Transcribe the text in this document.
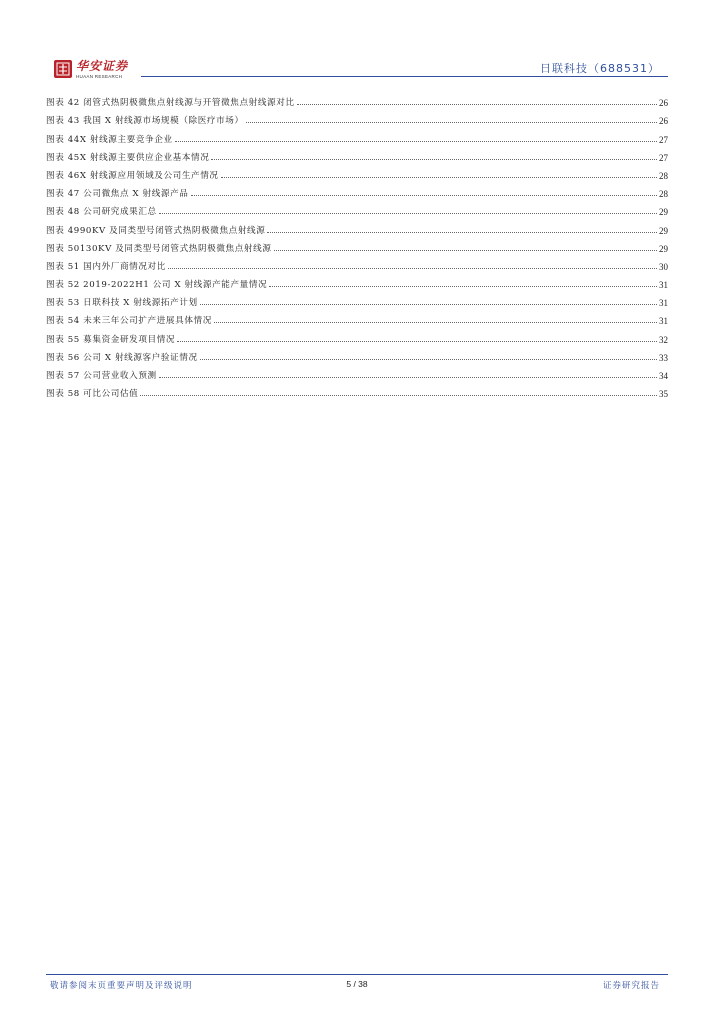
华安证券
HUAAN RESEARCH
日联科技（688531）
图表 42 闭管式热阴极微焦点射线源与开管微焦点射线源对比	26
图表 43 我国 X 射线源市场规模（除医疗市场）	26
图表 44X 射线源主要竞争企业	27
图表 45X 射线源主要供应企业基本情况	27
图表 46X 射线源应用领域及公司生产情况	28
图表 47 公司微焦点 X 射线源产品	28
图表 48 公司研究成果汇总	29
图表 4990KV 及同类型号闭管式热阴极微焦点射线源	29
图表 50130KV 及同类型号闭管式热阴极微焦点射线源	29
图表 51 国内外厂商情况对比	30
图表 52 2019-2022H1 公司 X 射线源产能产量情况	31
图表 53 日联科技 X 射线源拓产计划	31
图表 54 未来三年公司扩产进展具体情况	31
图表 55 募集资金研发项目情况	32
图表 56 公司 X 射线源客户验证情况	33
图表 57 公司营业收入预测	34
图表 58 可比公司估值	35
敬请参阅末页重要声明及评级说明	5 / 38	证券研究报告
